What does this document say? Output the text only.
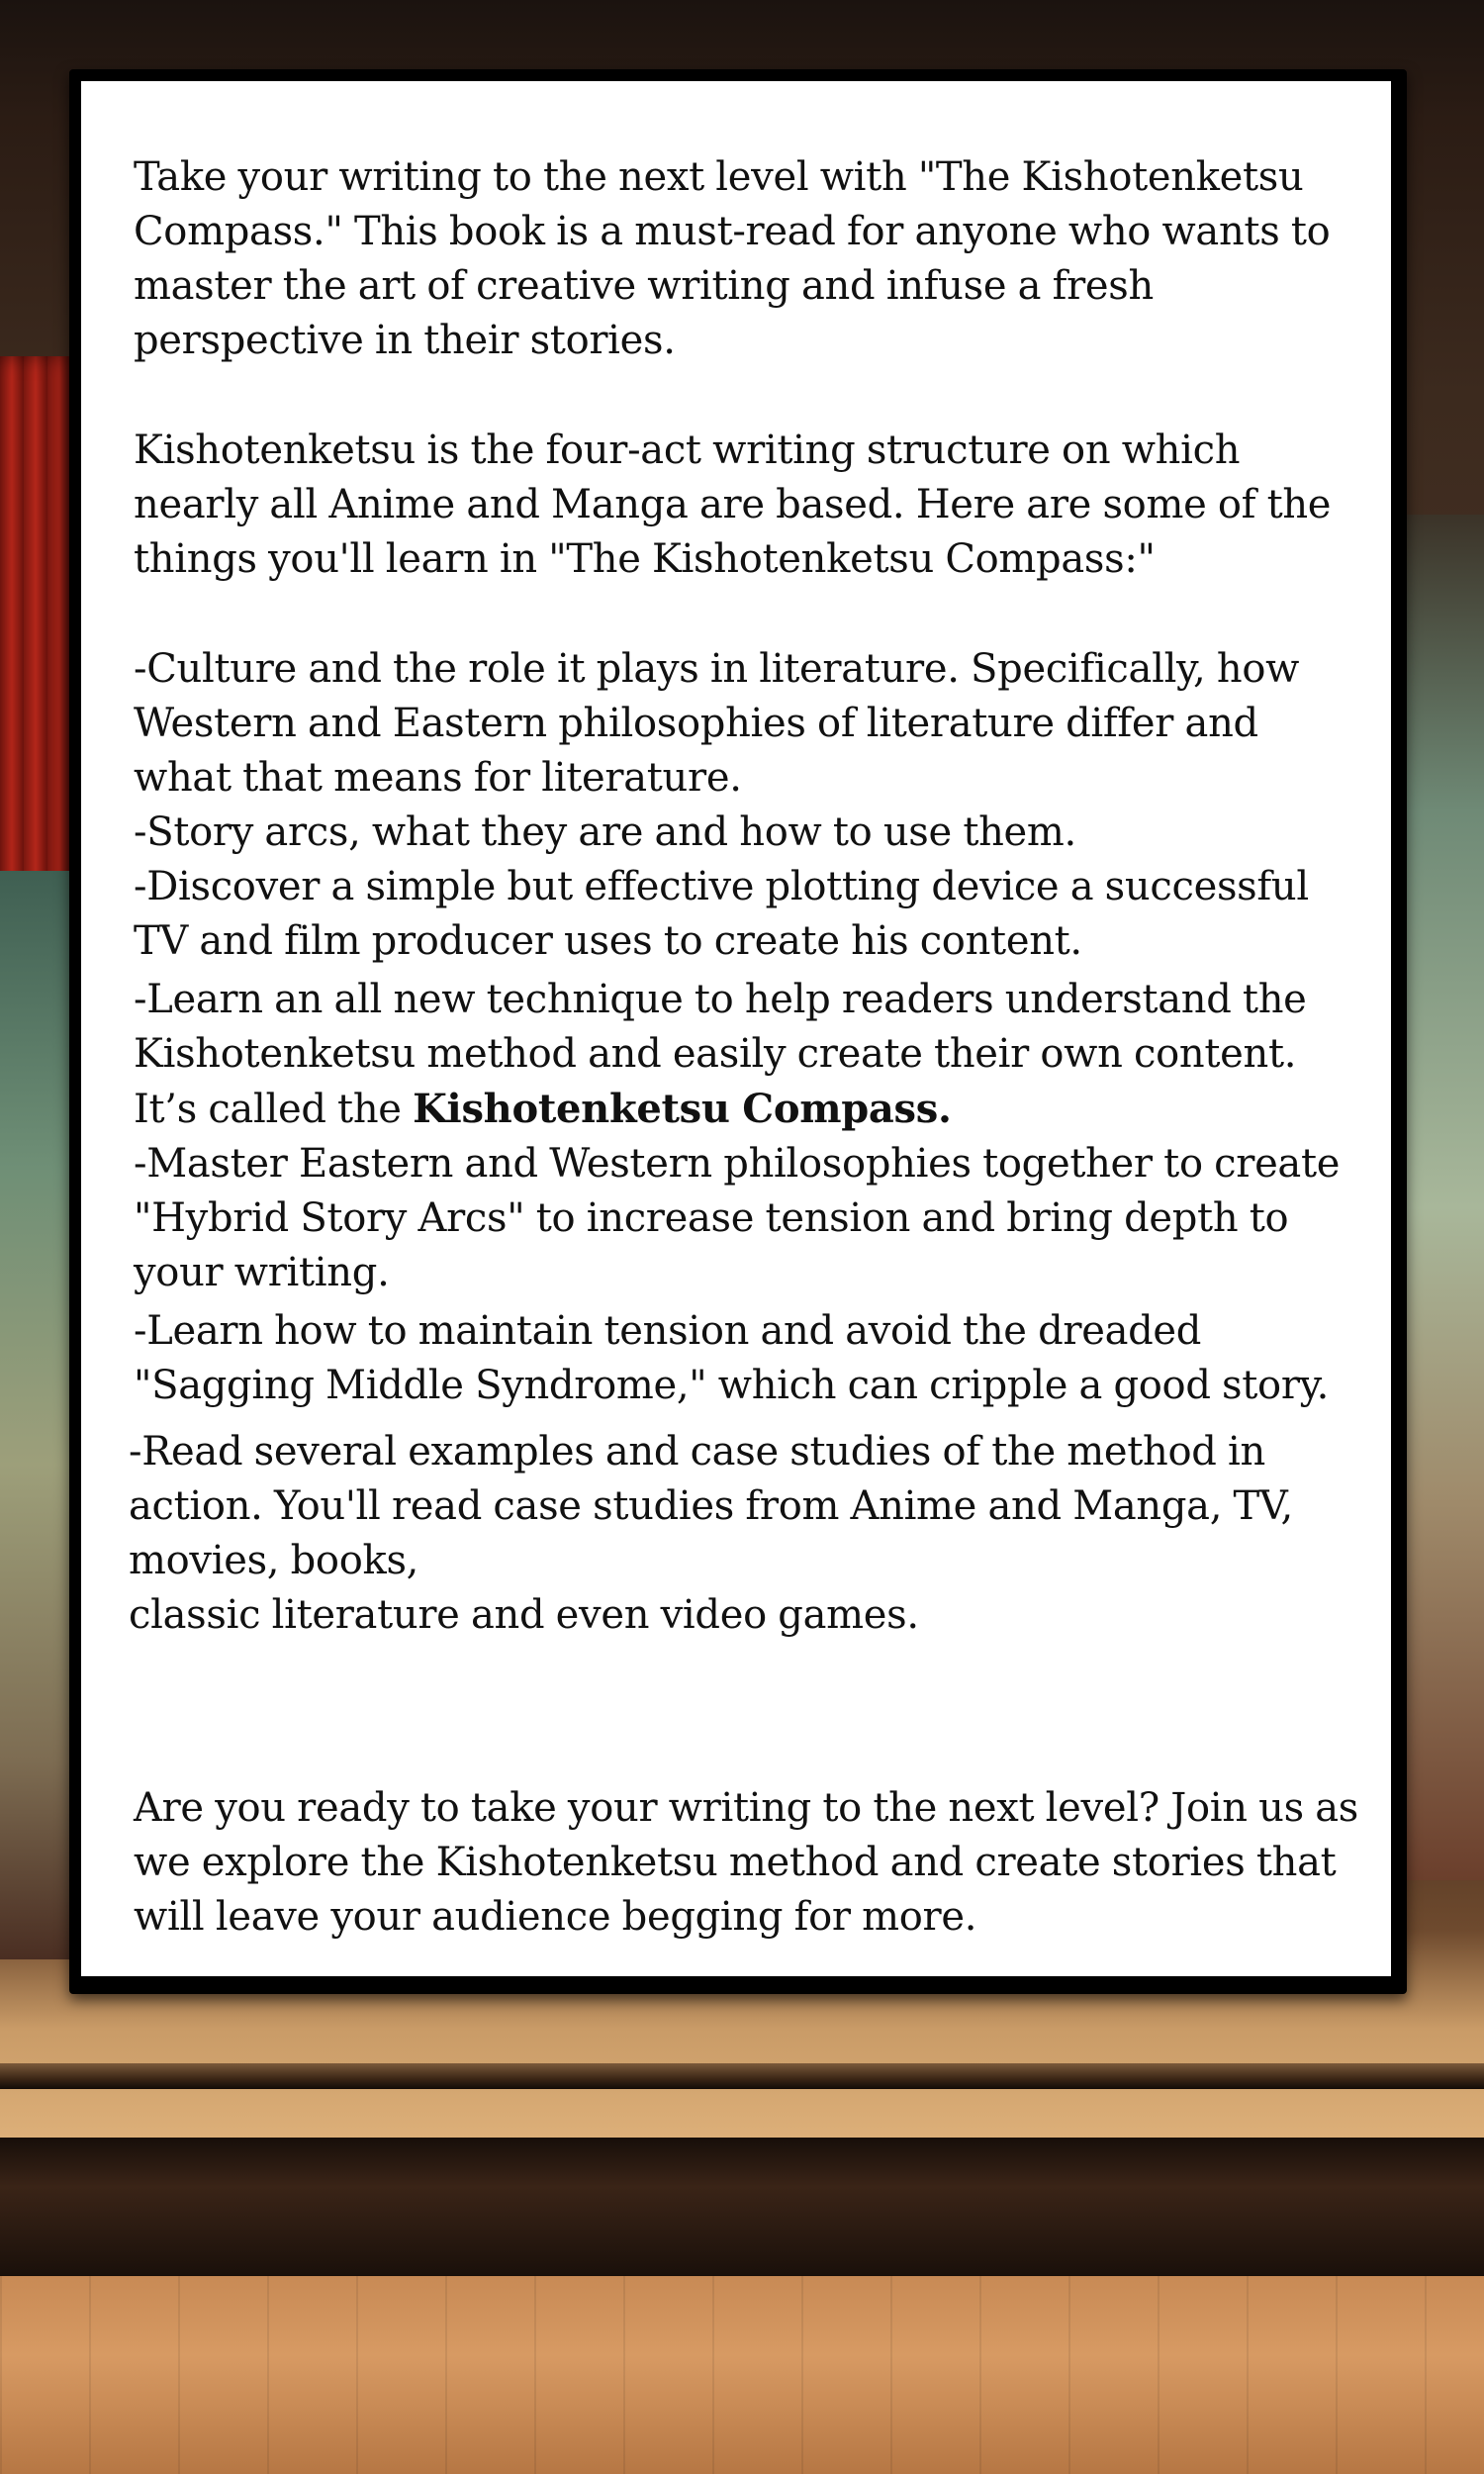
Take your writing to the next level with "The Kishotenketsu Compass." This book is a must-read for anyone who wants to master the art of creative writing and infuse a fresh perspective in their stories.

Kishotenketsu is the four-act writing structure on which nearly all Anime and Manga are based. Here are some of the things you'll learn in "The Kishotenketsu Compass:"

-Culture and the role it plays in literature. Specifically, how Western and Eastern philosophies of literature differ and what that means for literature.

-Story arcs, what they are and how to use them.

-Discover a simple but effective plotting device a successful TV and film producer uses to create his content.

-Learn an all new technique to help readers understand the Kishotenketsu method and easily create their own content. It’s called the Kishotenketsu Compass.

-Master Eastern and Western philosophies together to create "Hybrid Story Arcs" to increase tension and bring depth to your writing.

-Learn how to maintain tension and avoid the dreaded "Sagging Middle Syndrome," which can cripple a good story.

-Read several examples and case studies of the method in action. You'll read case studies from Anime and Manga, TV, movies, books,

classic literature and even video games.

Are you ready to take your writing to the next level? Join us as we explore the Kishotenketsu method and create stories that will leave your audience begging for more.
